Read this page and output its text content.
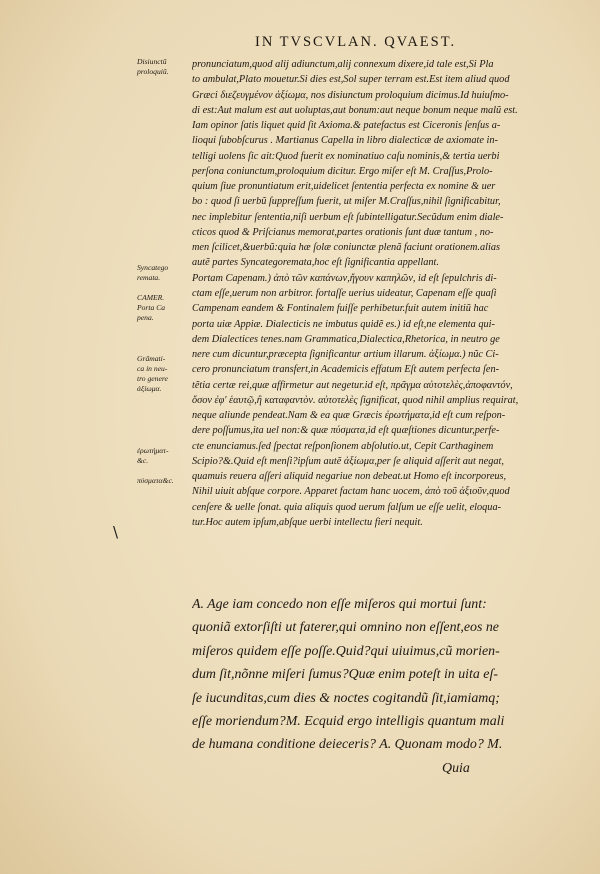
IN TVSCVLAN. QVAEST.
Disiunctũ
proloquiũ.
Syncatego
remata.
CAMER.
Porta Ca
pena.
Grãmati-
ca in neu-
tro genere
ἀξίωμα.
ἐρωτήματ-
&c.
πύσματα&c.
pronunciatum,quod alij adiunctum,alij connexum dixere,id tale est,Si Pla
to ambulat,Plato mouetur.Si dies est,Sol super terram est.Est item aliud quod
Græci διεζευγμένον ἀξίωμα, nos disiunctum proloquium dicimus.Id huiuſmo-
di est:Aut malum est aut uoluptas,aut bonum:aut neque bonum neque malũ est.
Iam opinor ſatis liquet quid ſit Axioma.& patefactus est Ciceronis ſenſus a-
lioqui ſubobſcurus . Martianus Capella in libro dialecticæ de axiomate in-
telligi uolens ſic ait:Quod fuerit ex nominatiuo caſu nominis,& tertia uerbi
perſona coniunctum,proloquium dicitur. Ergo miſer eſt M. Craſſus,Prolo-
quium ſiue pronuntiatum erit,uidelicet ſententia perfecta ex nomine & uer
bo : quod ſi uerbũ ſuppreſſum fuerit, ut miſer M.Craſſus,nihil ſignificabitur,
nec implebitur ſententia,niſi uerbum eſt ſubintelligatur.Secũdum enim diale-
cticos quod & Priſcianus memorat,partes orationis ſunt duæ tantum , no-
men ſcilicet,&uerbũ:quia hæ ſolæ coniunctæ plenã faciunt orationem.alias
autẽ partes Syncategoremata,hoc eſt ſignificantia appellant.
Portam Capenam.) ἀπὸ τῶν καπάνων,ἤγουν καπηλῶν, id eſt ſepulchris di-
ctam eſſe,uerum non arbitror. fortaſſe uerius uideatur, Capenam eſſe quaſi
Campenam eandem & Fontinalem fuiſſe perhibetur.fuit autem initiũ hac
porta uiæ Appiæ. Dialecticis ne imbutus quidẽ es.) id eſt,ne elementa qui-
dem Dialectices tenes.nam Grammatica,Dialectica,Rhetorica, in neutro ge
nere cum dicuntur,præcepta ſignificantur artium illarum. ἀξίωμα.) nũc Ci-
cero pronunciatum transfert,in Academicis effatum Eſt autem perfecta ſen-
tẽtia certæ rei,quæ affirmetur aut negetur.id eſt, πρᾶγμα αὐτοτελὲς,ἀποφαντόν,
ὅσον ἐφ' ἑαυτῷ,ἢ καταφαντὸν. αὐτοτελὲς ſignificat, quod nihil amplius requirat,
neque aliunde pendeat.Nam & ea quæ Græcis ἐρωτήματα,id eſt cum reſpon-
dere poſſumus,ita uel non:& quæ πύσματα,id eſt quæſtiones dicuntur,perfe-
cte enunciamus.ſed ſpectat reſponſionem abſolutio.ut, Cepit Carthaginem
Scipio?&.Quid eſt menſi?ipſum autẽ ἀξίωμα,per ſe aliquid aſſerit aut negat,
quamuis reuera aſſeri aliquid negariue non debeat.ut Homo eſt incorporeus,
Nihil uiuit abſque corpore. Apparet factam hanc uocem, ἀπὸ τοῦ ἀξιοῦν,quod
cenſere & uelle ſonat. quia aliquis quod uerum falſum ue eſſe uelit, eloqua-
tur.Hoc autem ipſum,abſque uerbi intellectu fieri nequit.
A. Age iam concedo non eſſe miſeros qui mortui ſunt:
quoniã extorſiſti ut faterer,qui omnino non eſſent,eos ne
miſeros quidem eſſe poſſe.Quid?qui uiuimus,cũ morien-
dum ſit,nõnne miſeri ſumus?Quæ enim poteſt in uita eſ-
ſe iucunditas,cum dies & noctes cogitandũ ſit,iamiamq;
eſſe moriendum?M. Ecquid ergo intelligis quantum mali
de humana conditione deieceris? A. Quonam modo? M.
Quia
\
